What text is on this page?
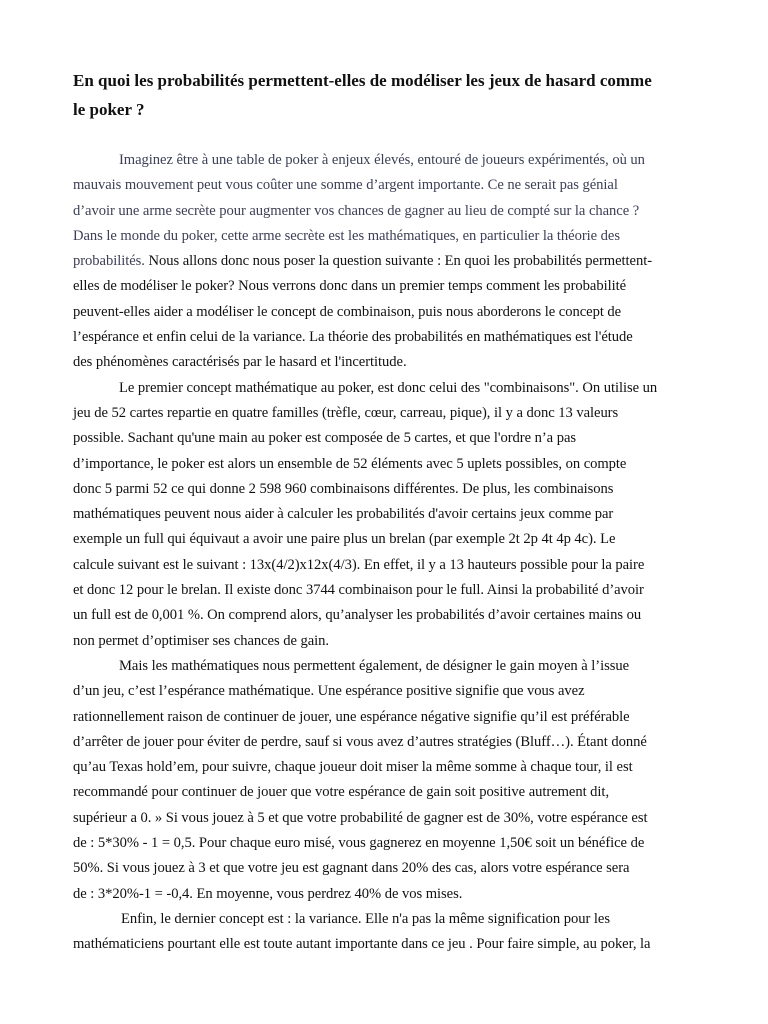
En quoi les probabilités permettent-elles de modéliser les jeux de hasard comme
le poker ?
Imaginez être à une table de poker à enjeux élevés, entouré de joueurs expérimentés, où un
mauvais mouvement peut vous coûter une somme d’argent importante. Ce ne serait pas génial
d’avoir une arme secrète pour augmenter vos chances de gagner au lieu de compté sur la chance ?
Dans le monde du poker, cette arme secrète est les mathématiques, en particulier la théorie des
probabilités. Nous allons donc nous poser la question suivante : En quoi les probabilités permettent-
elles de modéliser le poker? Nous verrons donc dans un premier temps comment les probabilité
peuvent-elles aider a modéliser le concept de combinaison, puis nous aborderons le concept de
l’espérance et enfin celui de la variance. La théorie des probabilités en mathématiques est l'étude
des phénomènes caractérisés par le hasard et l'incertitude.
Le premier concept mathématique au poker, est donc celui des "combinaisons". On utilise un
jeu de 52 cartes repartie en quatre familles (trèfle, cœur, carreau, pique), il y a donc 13 valeurs
possible. Sachant qu'une main au poker est composée de 5 cartes, et que l'ordre n’a pas
d’importance, le poker est alors un ensemble de 52 éléments avec 5 uplets possibles, on compte
donc 5 parmi 52 ce qui donne 2 598 960 combinaisons différentes. De plus, les combinaisons
mathématiques peuvent nous aider à calculer les probabilités d'avoir certains jeux comme par
exemple un full qui équivaut a avoir une paire plus un brelan (par exemple 2t 2p 4t 4p 4c). Le
calcule suivant est le suivant : 13x(4/2)x12x(4/3). En effet, il y a 13 hauteurs possible pour la paire
et donc 12 pour le brelan. Il existe donc 3744 combinaison pour le full. Ainsi la probabilité d’avoir
un full est de 0,001 %. On comprend alors, qu’analyser les probabilités d’avoir certaines mains ou
non permet d’optimiser ses chances de gain.
Mais les mathématiques nous permettent également, de désigner le gain moyen à l’issue
d’un jeu, c’est l’espérance mathématique. Une espérance positive signifie que vous avez
rationnellement raison de continuer de jouer, une espérance négative signifie qu’il est préférable
d’arrêter de jouer pour éviter de perdre, sauf si vous avez d’autres stratégies (Bluff…). Étant donné
qu’au Texas hold’em, pour suivre, chaque joueur doit miser la même somme à chaque tour, il est
recommandé pour continuer de jouer que votre espérance de gain soit positive autrement dit,
supérieur a 0. » Si vous jouez à 5 et que votre probabilité de gagner est de 30%, votre espérance est
de : 5*30% - 1 = 0,5. Pour chaque euro misé, vous gagnerez en moyenne 1,50€ soit un bénéfice de
50%. Si vous jouez à 3 et que votre jeu est gagnant dans 20% des cas, alors votre espérance sera
de : 3*20%-1 = -0,4. En moyenne, vous perdrez 40% de vos mises.
Enfin, le dernier concept est : la variance. Elle n'a pas la même signification pour les
mathématiciens pourtant elle est toute autant importante dans ce jeu . Pour faire simple, au poker, la
